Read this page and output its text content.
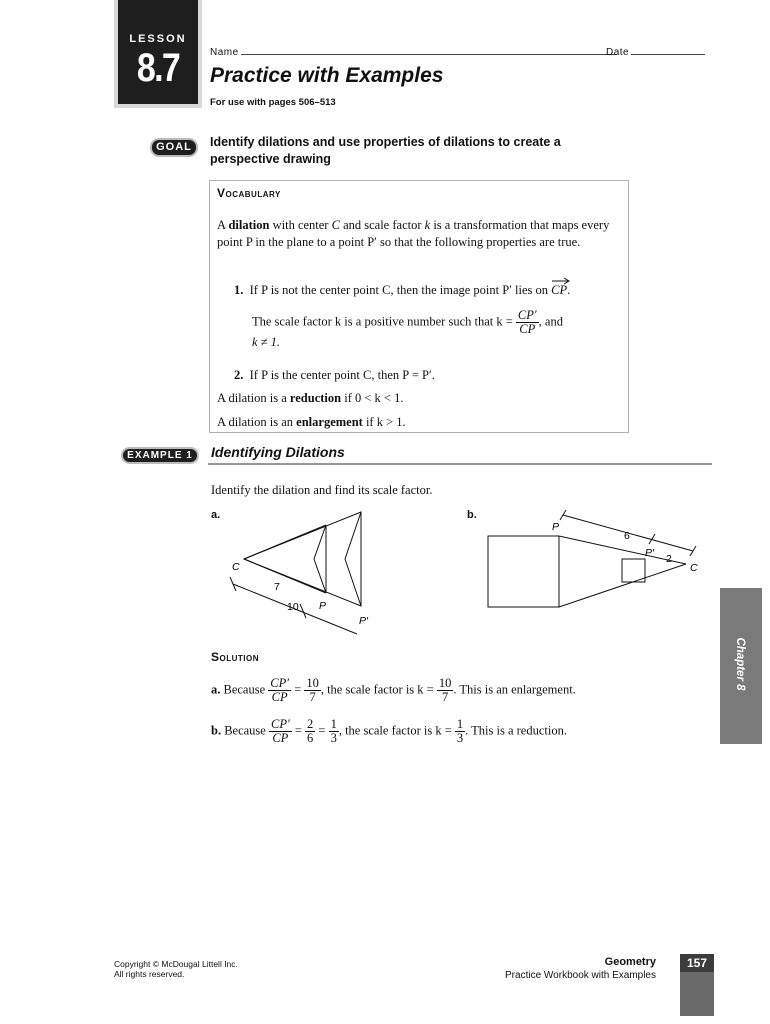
LESSON
8.7	Name	Date
Practice with Examples
For use with pages 506–513
GOAL	Identify dilations and use properties of dilations to create a perspective drawing
Vocabulary
A dilation with center C and scale factor k is a transformation that maps every point P in the plane to a point P′ so that the following properties are true.
1. If P is not the center point C, then the image point P′ lies on CP
.
The scale factor k is a positive number such that $k = \frac{CP'}{CP}$ , and
k ≠ 1.
2. If P is the center point C, then P = P′.
A dilation is a reduction if 0 < k < 1.
A dilation is an enlargement if k > 1.
EXAMPLE 1	Identifying Dilations
Identify the dilation and find its scale factor.
a.	b.
C
7
10 P
P′
P
6
P′ 2
C
Solution
a. Because $\frac{CP'}{CP} = \frac{10}{7}$ , the scale factor is $k = \frac{10}{7}$ . This is an enlargement.
b. Because $\frac{CP'}{CP} = \frac{2}{6} = \frac{1}{3}$ , the scale factor is $k = \frac{1}{3}$ . This is a reduction.
Chapter 8
Copyright © McDougal Littell Inc.
All rights reserved.
Geometry
Practice Workbook with Examples
157
